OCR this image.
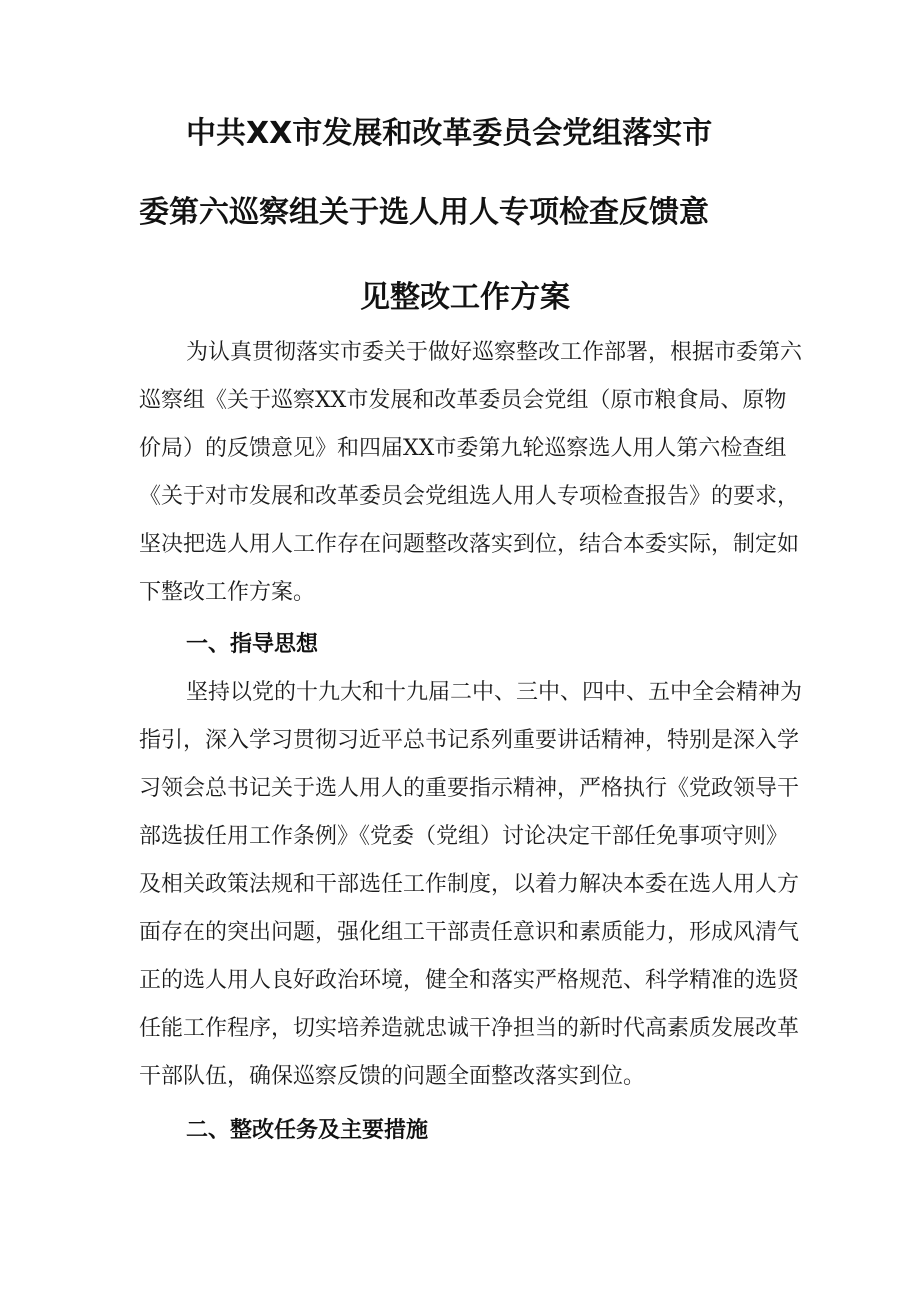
中共XX市发展和改革委员会党组落实市
委第六巡察组关于选人用人专项检查反馈意
见整改工作方案
为认真贯彻落实市委关于做好巡察整改工作部署，根据市委第六
巡察组《关于巡察XX市发展和改革委员会党组（原市粮食局、原物
价局）的反馈意见》和四届XX市委第九轮巡察选人用人第六检查组
《关于对市发展和改革委员会党组选人用人专项检查报告》的要求，
坚决把选人用人工作存在问题整改落实到位，结合本委实际，制定如
下整改工作方案。
一、指导思想
坚持以党的十九大和十九届二中、三中、四中、五中全会精神为
指引，深入学习贯彻习近平总书记系列重要讲话精神，特别是深入学
习领会总书记关于选人用人的重要指示精神，严格执行《党政领导干
部选拔任用工作条例》《党委（党组）讨论决定干部任免事项守则》
及相关政策法规和干部选任工作制度，以着力解决本委在选人用人方
面存在的突出问题，强化组工干部责任意识和素质能力，形成风清气
正的选人用人良好政治环境，健全和落实严格规范、科学精准的选贤
任能工作程序，切实培养造就忠诚干净担当的新时代高素质发展改革
干部队伍，确保巡察反馈的问题全面整改落实到位。
二、整改任务及主要措施
